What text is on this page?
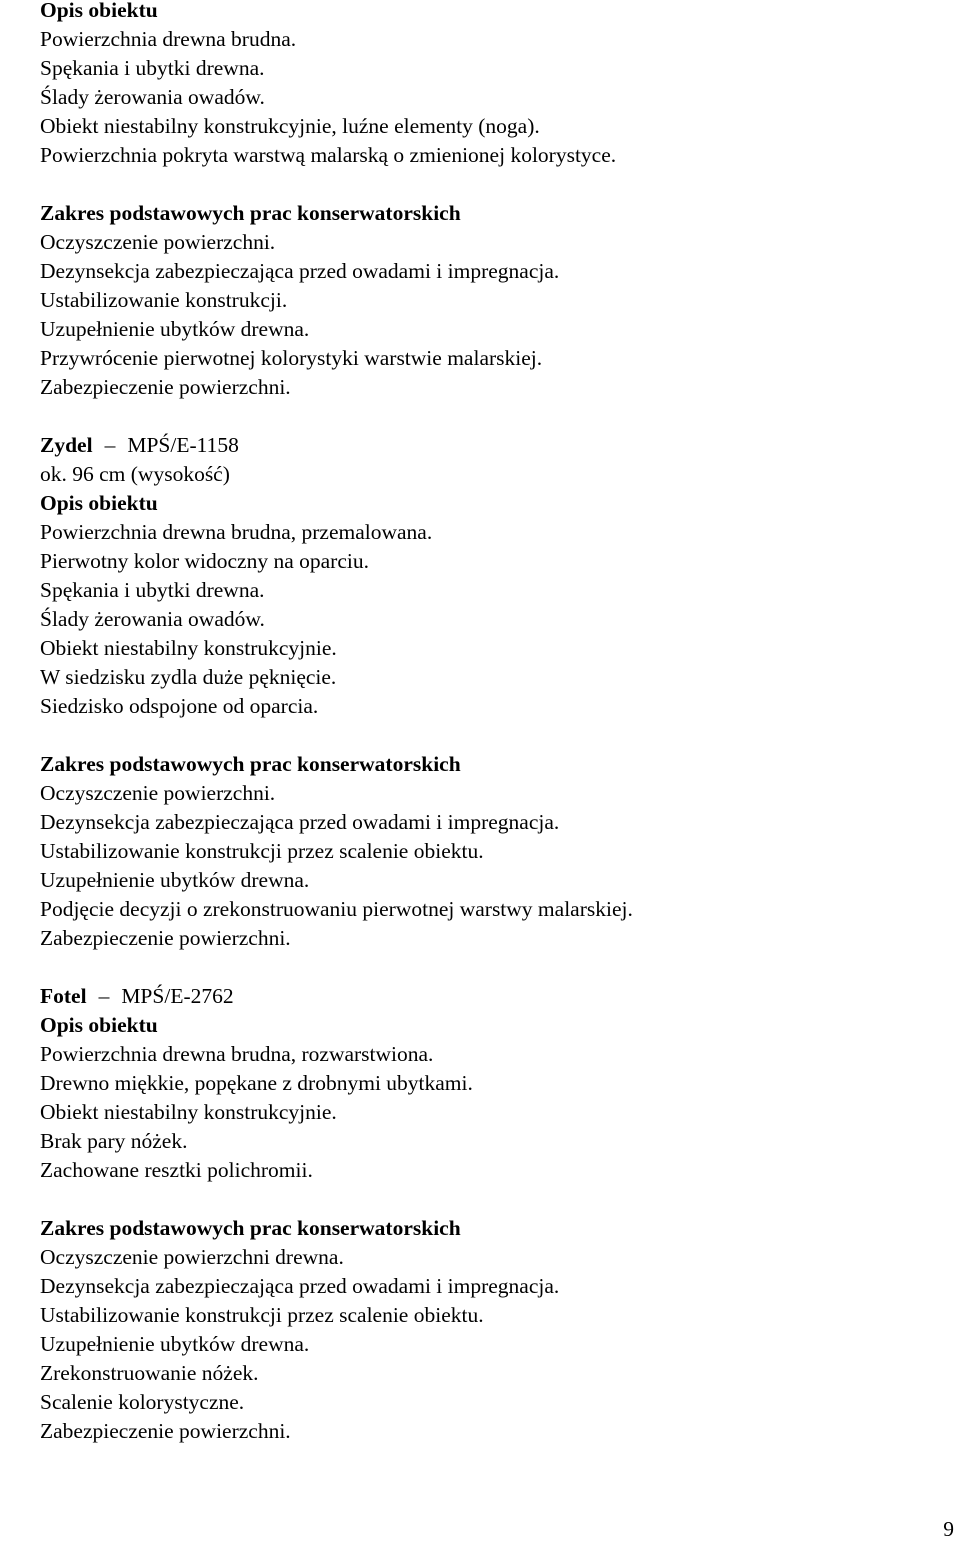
Opis obiektu
Powierzchnia drewna brudna.
Spękania i ubytki drewna.
Ślady żerowania owadów.
Obiekt niestabilny konstrukcyjnie, luźne elementy (noga).
Powierzchnia pokryta warstwą malarską o zmienionej kolorystyce.
Zakres podstawowych prac konserwatorskich
Oczyszczenie powierzchni.
Dezynsekcja zabezpieczająca przed owadami i impregnacja.
Ustabilizowanie konstrukcji.
Uzupełnienie ubytków drewna.
Przywrócenie pierwotnej kolorystyki warstwie malarskiej.
Zabezpieczenie powierzchni.
Zydel – MPŚ/E-1158
ok. 96 cm (wysokość)
Opis obiektu
Powierzchnia drewna brudna, przemalowana.
Pierwotny kolor widoczny na oparciu.
Spękania i ubytki drewna.
Ślady żerowania owadów.
Obiekt niestabilny konstrukcyjnie.
W siedzisku zydla duże pęknięcie.
Siedzisko odspojone od oparcia.
Zakres podstawowych prac konserwatorskich
Oczyszczenie powierzchni.
Dezynsekcja zabezpieczająca przed owadami i impregnacja.
Ustabilizowanie konstrukcji przez scalenie obiektu.
Uzupełnienie ubytków drewna.
Podjęcie decyzji o zrekonstruowaniu pierwotnej warstwy malarskiej.
Zabezpieczenie powierzchni.
Fotel – MPŚ/E-2762
Opis obiektu
Powierzchnia drewna brudna, rozwarstwiona.
Drewno miękkie, popękane z drobnymi ubytkami.
Obiekt niestabilny konstrukcyjnie.
Brak pary nóżek.
Zachowane resztki polichromii.
Zakres podstawowych prac konserwatorskich
Oczyszczenie powierzchni drewna.
Dezynsekcja zabezpieczająca przed owadami i impregnacja.
Ustabilizowanie konstrukcji przez scalenie obiektu.
Uzupełnienie ubytków drewna.
Zrekonstruowanie nóżek.
Scalenie kolorystyczne.
Zabezpieczenie powierzchni.
9
